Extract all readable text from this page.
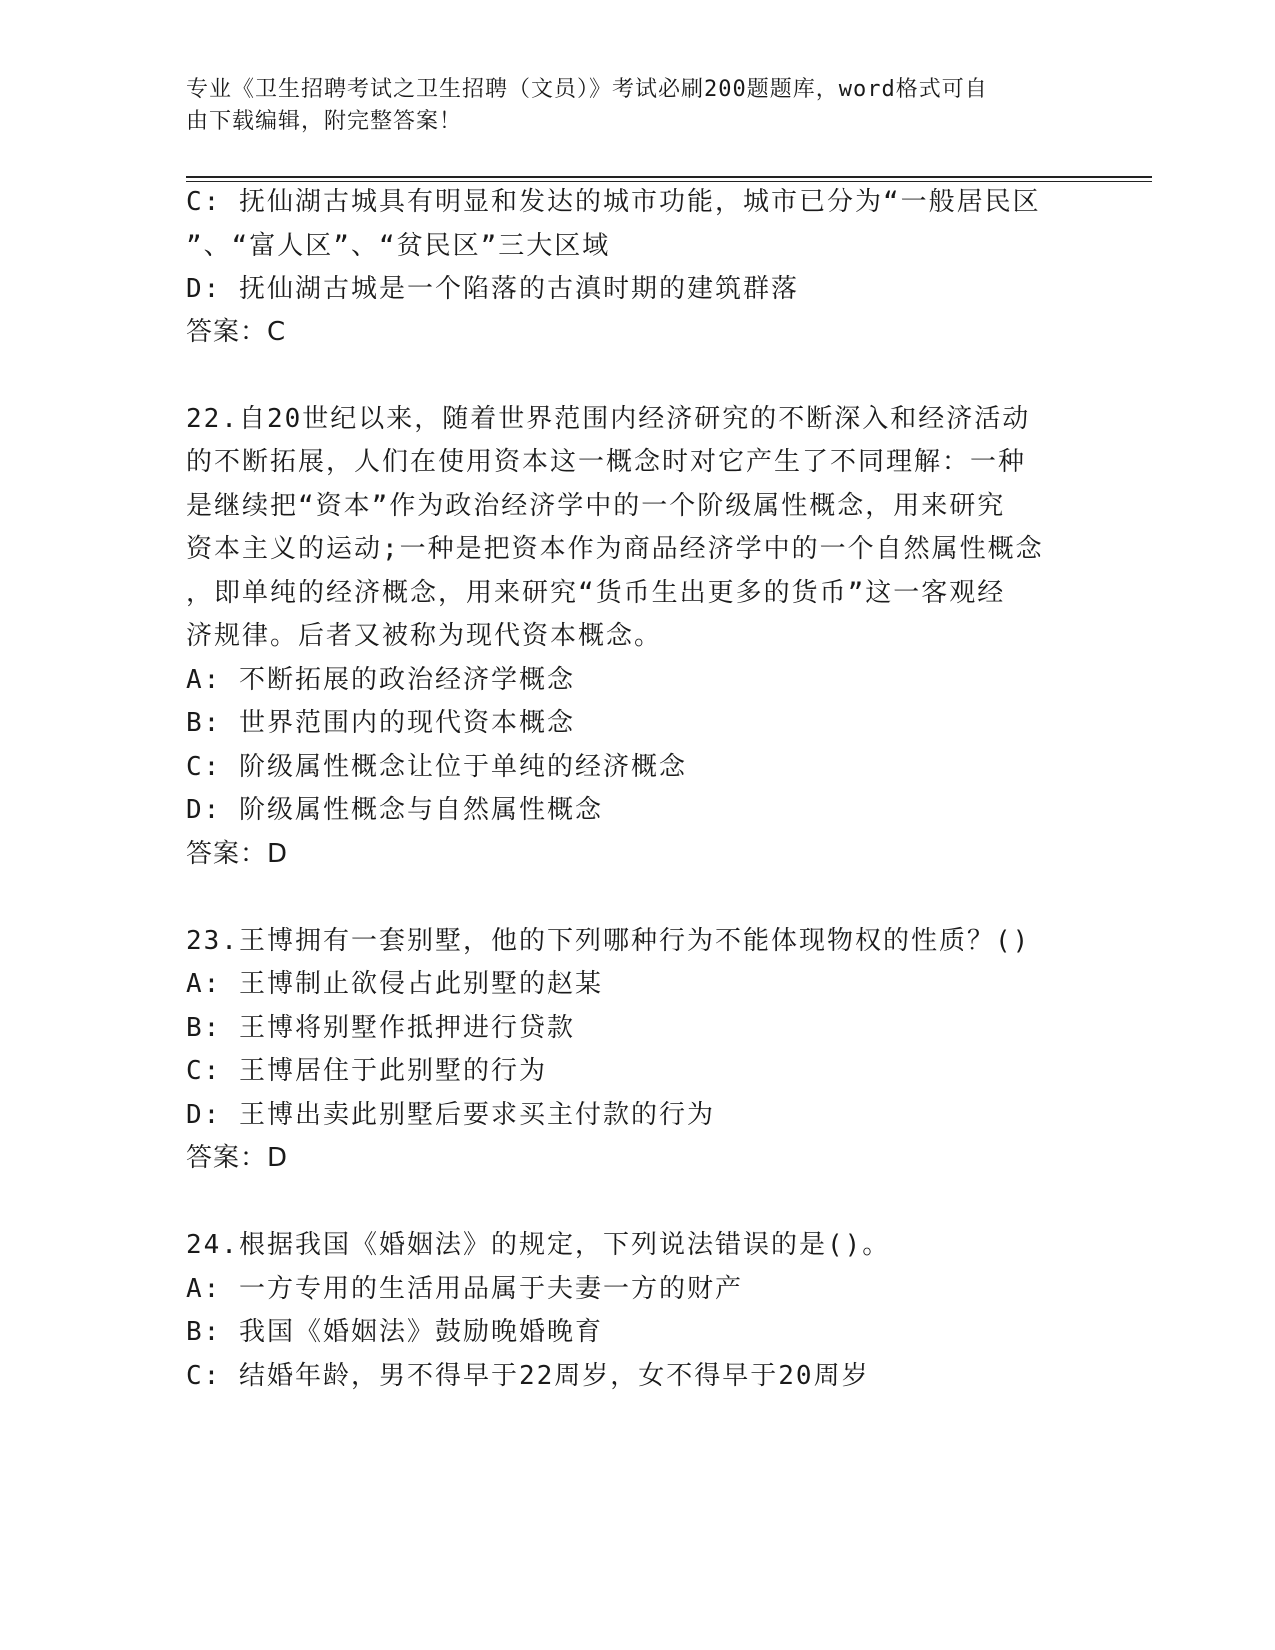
专业《卫生招聘考试之卫生招聘（文员）》考试必刷200题题库，word格式可自
由下载编辑，附完整答案！
C: 抚仙湖古城具有明显和发达的城市功能，城市已分为“一般居民区
”、“富人区”、“贫民区”三大区域
D: 抚仙湖古城是一个陷落的古滇时期的建筑群落
答案：C
22.自20世纪以来，随着世界范围内经济研究的不断深入和经济活动
的不断拓展，人们在使用资本这一概念时对它产生了不同理解：一种
是继续把“资本”作为政治经济学中的一个阶级属性概念，用来研究
资本主义的运动;一种是把资本作为商品经济学中的一个自然属性概念
，即单纯的经济概念，用来研究“货币生出更多的货币”这一客观经
济规律。后者又被称为现代资本概念。
A: 不断拓展的政治经济学概念
B: 世界范围内的现代资本概念
C: 阶级属性概念让位于单纯的经济概念
D: 阶级属性概念与自然属性概念
答案：D
23.王博拥有一套别墅，他的下列哪种行为不能体现物权的性质？()
A: 王博制止欲侵占此别墅的赵某
B: 王博将别墅作抵押进行贷款
C: 王博居住于此别墅的行为
D: 王博出卖此别墅后要求买主付款的行为
答案：D
24.根据我国《婚姻法》的规定，下列说法错误的是()。
A: 一方专用的生活用品属于夫妻一方的财产
B: 我国《婚姻法》鼓励晚婚晚育
C: 结婚年龄，男不得早于22周岁，女不得早于20周岁
